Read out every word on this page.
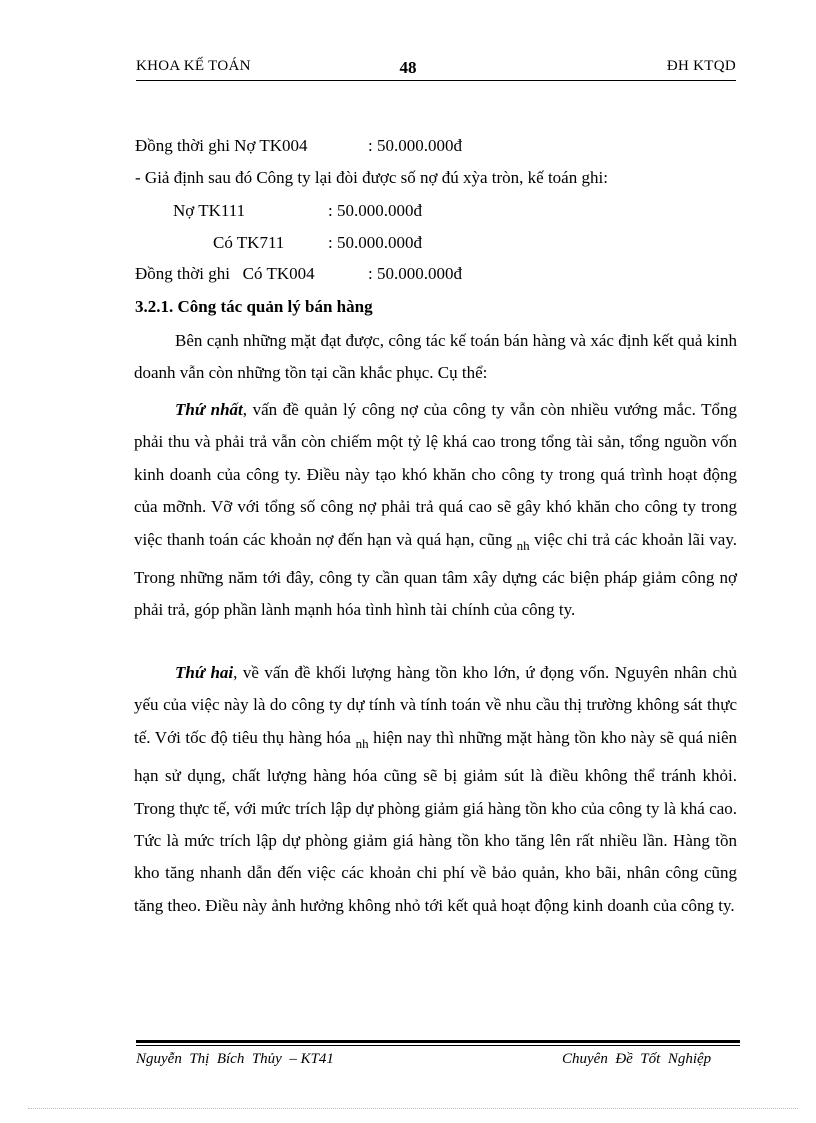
KHOA KẾ TOÁN	48	ĐH KTQD
Đồng thời ghi Nợ TK004	: 50.000.000đ
- Giả định sau đó Công ty lại đòi được số nợ đú xỳa tròn, kế toán ghi:
Nợ TK111	: 50.000.000đ
Có TK711	: 50.000.000đ
Đồng thời ghi   Có TK004	: 50.000.000đ
3.2.1. Công tác quản lý bán hàng
Bên cạnh những mặt đạt được, công tác kế toán bán hàng và xác định kết quả kinh doanh vẫn còn những tồn tại cần khắc phục. Cụ thể:
Thứ nhất, vấn đề quản lý công nợ của công ty vẫn còn nhiều vướng mắc. Tổng phải thu và phải trả vẫn còn chiếm một tỷ lệ khá cao trong tổng tài sản, tổng nguồn vốn kinh doanh của công ty. Điều này tạo khó khăn cho công ty trong quá trình hoạt động của mỡnh. Vỡ với tổng số công nợ phải trả quá cao sẽ gây khó khăn cho công ty trong việc thanh toán các khoản nợ đến hạn và quá hạn, cũng $_{nh}$ việc chi trả các khoản lãi vay. Trong những năm tới đây, công ty cần quan tâm xây dựng các biện pháp giảm công nợ phải trả, góp phần lành mạnh hóa tình hình tài chính của công ty.
Thứ hai, về vấn đề khối lượng hàng tồn kho lớn, ứ đọng vốn. Nguyên nhân chủ yếu của việc này là do công ty dự tính và tính toán về nhu cầu thị trường không sát thực tế. Với tốc độ tiêu thụ hàng hóa $_{nh}$ hiện nay thì những mặt hàng tồn kho này sẽ quá niên hạn sử dụng, chất lượng hàng hóa cũng sẽ bị giảm sút là điều không thể tránh khỏi. Trong thực tế, với mức trích lập dự phòng giảm giá hàng tồn kho của công ty là khá cao. Tức là mức trích lập dự phòng giảm giá hàng tồn kho tăng lên rất nhiều lần. Hàng tồn kho tăng nhanh dẫn đến việc các khoản chi phí về bảo quản, kho bãi, nhân công cũng tăng theo. Điều này ảnh hưởng không nhỏ tới kết quả hoạt động kinh doanh của công ty.
Nguyễn  Thị  Bích  Thủy  – KT41	Chuyên  Đề  Tốt  Nghiệp
